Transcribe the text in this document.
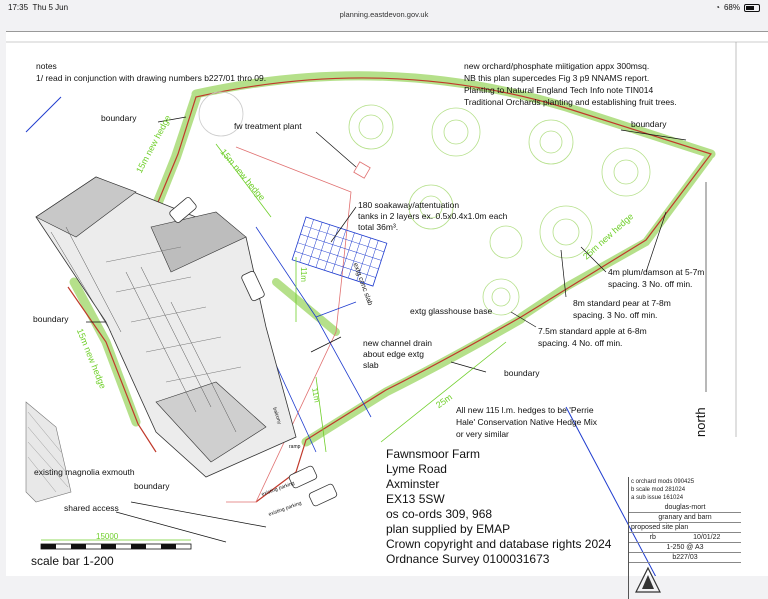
17:35 Thu 5 Jun	◔ 68%
planning.eastdevon.gov.uk
notes
1/ read in conjunction with drawing numbers b227/01 thro 09.
new orchard/phosphate miitigation appx 300msq.
NB this plan supercedes Fig 3 p9 NNAMS report.
Planting to Natural England Tech Info note TIN014
Traditional Orchards planting and establishing fruit trees.
boundary
boundary
boundary
boundary
boundary
fw treatment plant
180 soakaway/attentuation
tanks in 2 layers ex. 0.5x0.4x1.0m each
total 36m³.
extg glasshouse base
extg conc slab
new channel drain
about edge extg
slab
existing magnolia exmouth
shared access
balcony
ramp
existing parking
existing parking
15m new hedge
15m new hedge
15m new hedge
25m new hedge
25m
11m
11m
4m plum/damson at 5-7m
spacing. 3 No. off min.
8m standard pear at 7-8m
spacing. 3 No. off min.
7.5m standard apple at 6-8m
spacing. 4 No. off min.
All new 115 l.m. hedges to be 'Perrie
Hale' Conservation Native Hedge Mix
or very similar
Fawnsmoor Farm
Lyme Road
Axminster
EX13 5SW
os co-ords 309, 968
plan supplied by EMAP
Crown copyright and database rights 2024
Ordnance Survey 0100031673
north
15000
scale bar 1-200
c orchard mods 090425
b scale mod 281024
a sub issue 161024
douglas-mort
granary and barn
proposed site plan
rb	10/01/22
1-250 @ A3
b227/03
